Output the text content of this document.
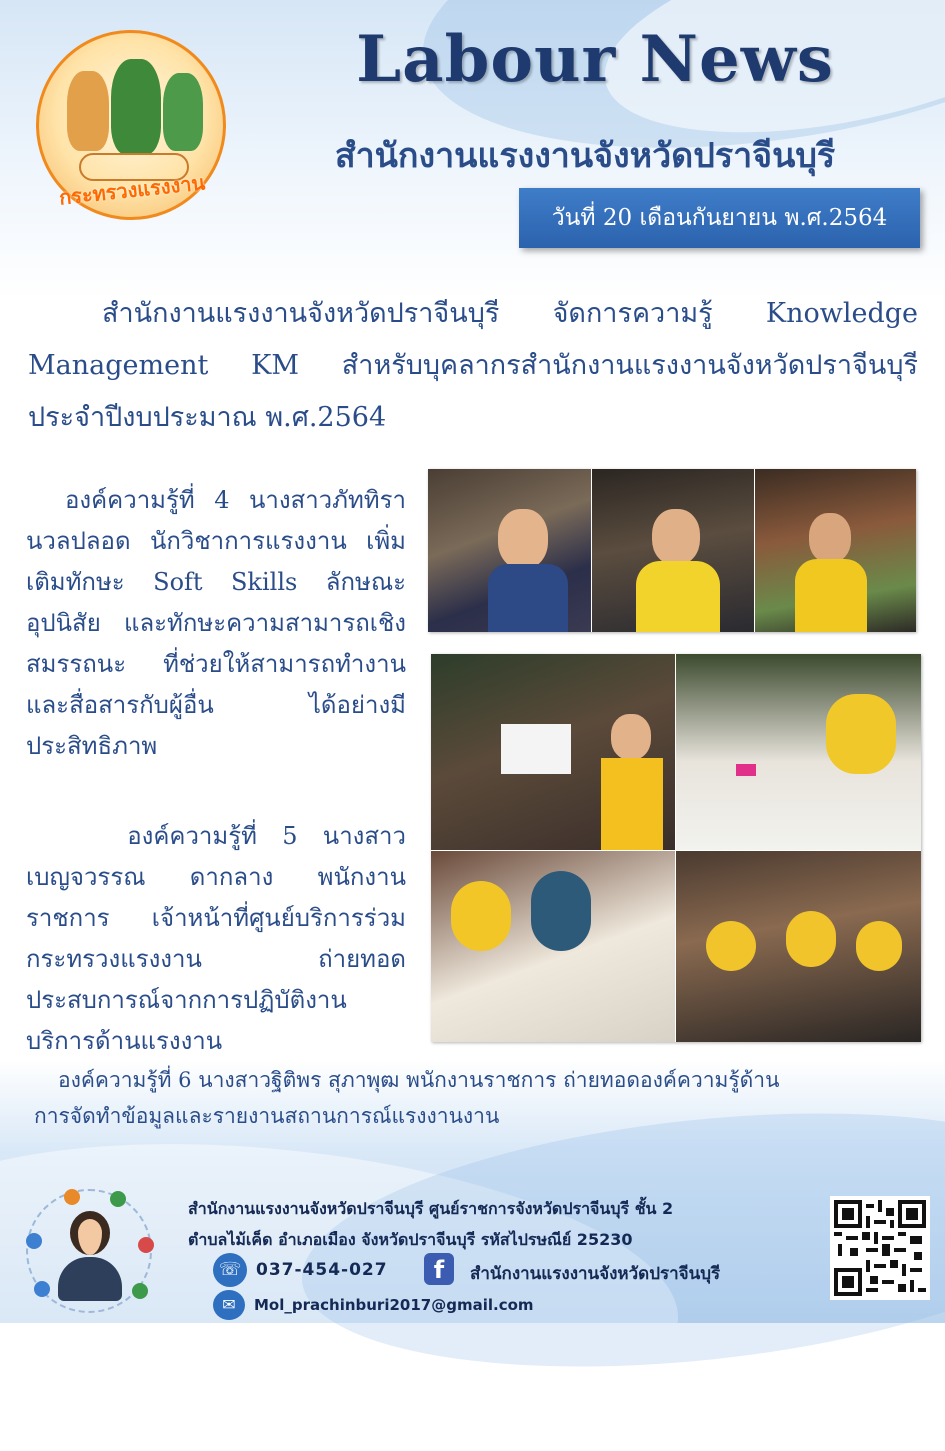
กระทรวงแรงงาน
Labour News
สำนักงานแรงงานจังหวัดปราจีนบุรี
วันที่ 20 เดือนกันยายน พ.ศ.2564
สำนักงานแรงงานจังหวัดปราจีนบุรี จัดการความรู้ Knowledge Management KM สำหรับบุคลากรสำนักงานแรงงานจังหวัดปราจีนบุรี ประจำปีงบประมาณ พ.ศ.2564
องค์ความรู้ที่ 4 นางสาวภัททิรา นวลปลอด นักวิชาการแรงงาน เพิ่มเติมทักษะ Soft Skills ลักษณะอุปนิสัย และทักษะความสามารถเชิงสมรรถนะ ที่ช่วยให้สามารถทำงาน และสื่อสารกับผู้อื่น ได้อย่างมีประสิทธิภาพ
องค์ความรู้ที่ 5 นางสาวเบญจวรรณ ดากลาง พนักงานราชการ เจ้าหน้าที่ศูนย์บริการร่วมกระทรวงแรงงาน ถ่ายทอดประสบการณ์จากการปฏิบัติงานบริการด้านแรงงาน
องค์ความรู้ที่ 6 นางสาวฐิติพร สุภาพุฒ พนักงานราชการ ถ่ายทอดองค์ความรู้ด้าน
การจัดทำข้อมูลและรายงานสถานการณ์แรงงานงาน
สำนักงานแรงงานจังหวัดปราจีนบุรี ศูนย์ราชการจังหวัดปราจีนบุรี ชั้น 2
ตำบลไม้เค็ด อำเภอเมือง จังหวัดปราจีนบุรี รหัสไปรษณีย์ 25230
☏ 037-454-027	f	สำนักงานแรงงานจังหวัดปราจีนบุรี
✉	Mol_prachinburi2017@gmail.com
